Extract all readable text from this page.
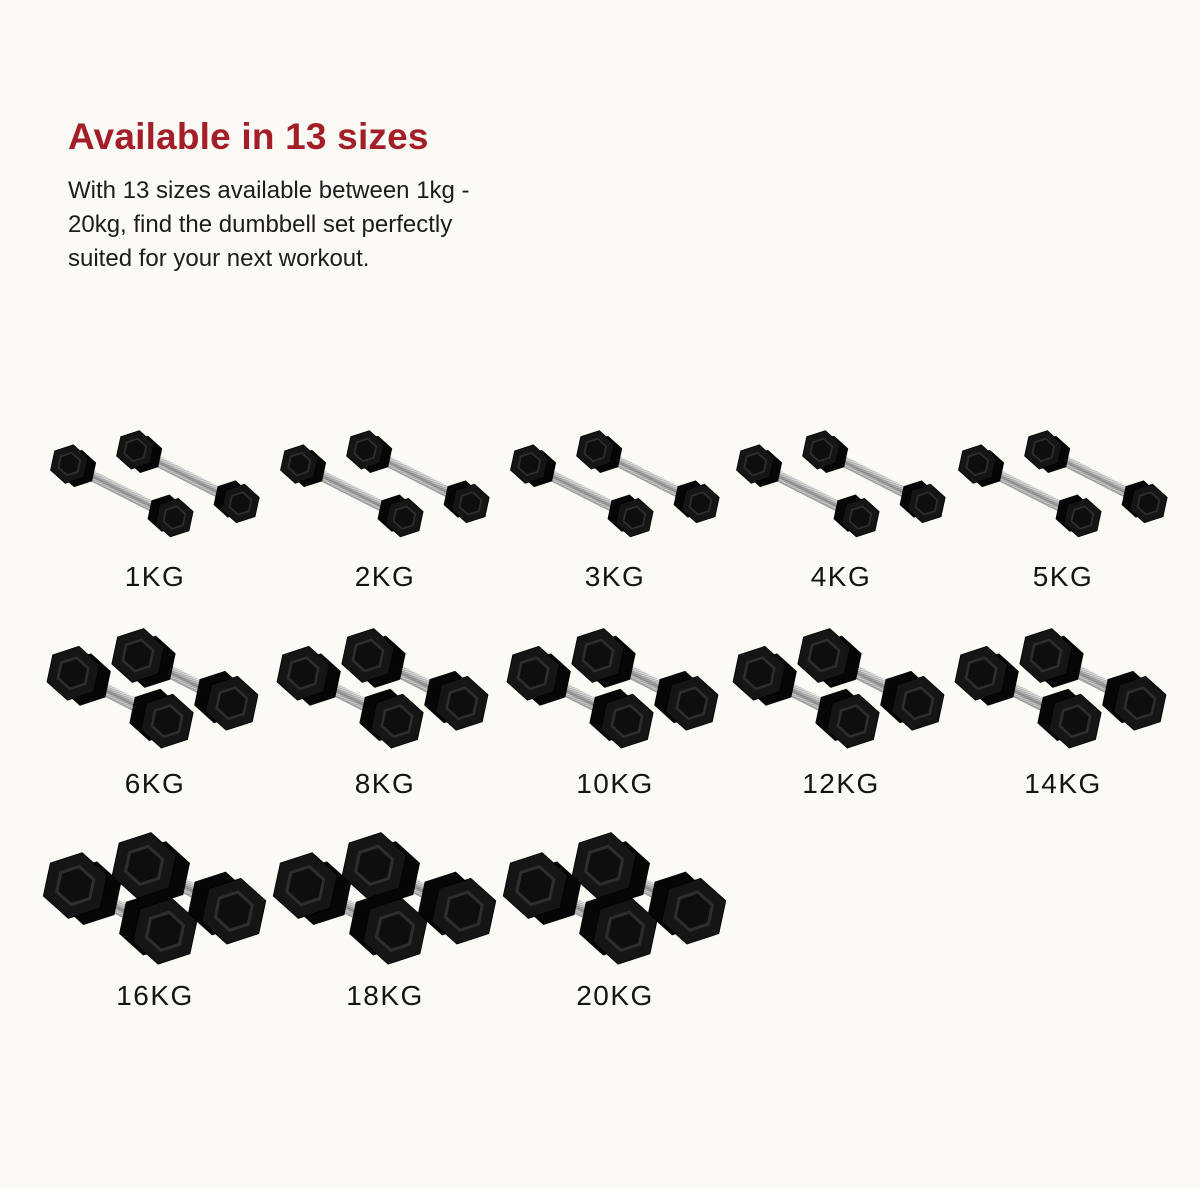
Available in 13 sizes

With 13 sizes available between 1kg - 20kg, find the dumbbell set perfectly suited for your next workout.

1KG	2KG	3KG	4KG	5KG
6KG	8KG	10KG	12KG	14KG
16KG	18KG	20KG
